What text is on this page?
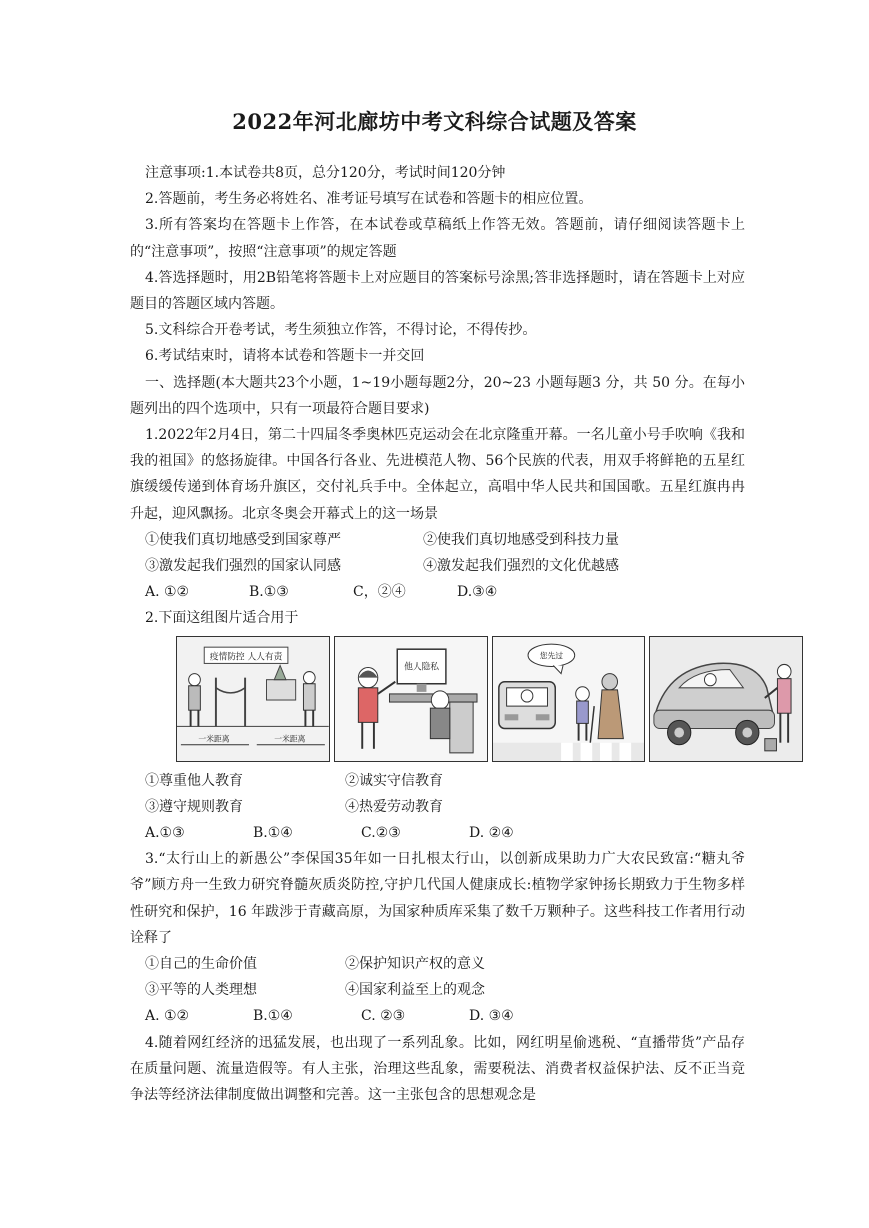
2022年河北廊坊中考文科综合试题及答案

注意事项:1.本试卷共8页，总分120分，考试时间120分钟

2.答题前，考生务必将姓名、准考证号填写在试卷和答题卡的相应位置。

3.所有答案均在答题卡上作答，在本试卷或草稿纸上作答无效。答题前，请仔细阅读答题卡上的“注意事项”，按照“注意事项”的规定答题

4.答选择题时，用2B铅笔将答题卡上对应题目的答案标号涂黑;答非选择题时，请在答题卡上对应题目的答题区域内答题。

5.文科综合开卷考试，考生须独立作答，不得讨论，不得传抄。

6.考试结束时，请将本试卷和答题卡一并交回

一、选择题(本大题共23个小题，1~19小题每题2分，20~23 小题每题3 分，共 50 分。在每小题列出的四个选项中，只有一项最符合题目要求)

1.2022年2月4日，第二十四届冬季奥林匹克运动会在北京隆重开幕。一名儿童小号手吹响《我和我的祖国》的悠扬旋律。中国各行各业、先进模范人物、56个民族的代表，用双手将鲜艳的五星红旗缓缓传递到体育场升旗区，交付礼兵手中。全体起立，高唱中华人民共和国国歌。五星红旗冉冉升起，迎风飘扬。北京冬奥会开幕式上的这一场景

①使我们真切地感受到国家尊严	②使我们真切地感受到科技力量
③激发起我们强烈的国家认同感	④激发起我们强烈的文化优越感
A. ①②	B.①③	C，②④	D.③④

2.下面这组图片适合用于

疫情防控 人人有责
一米距离	一米距离
他人隐私
您先过
①尊重他人教育	②诚实守信教育
③遵守规则教育	④热爱劳动教育
A.①③	B.①④	C.②③	D. ②④

3.“太行山上的新愚公”李保国35年如一日扎根太行山，以创新成果助力广大农民致富:“糖丸爷爷”顾方舟一生致力研究脊髓灰质炎防控,守护几代国人健康成长:植物学家钟扬长期致力于生物多样性研究和保护，16 年跋涉于青藏高原，为国家种质库采集了数千万颗种子。这些科技工作者用行动诠释了

①自己的生命价值	②保护知识产权的意义
③平等的人类理想	④国家利益至上的观念
A. ①②	B.①④	C. ②③	D. ③④

4.随着网红经济的迅猛发展，也出现了一系列乱象。比如，网红明星偷逃税、“直播带货”产品存在质量问题、流量造假等。有人主张，治理这些乱象，需要税法、消费者权益保护法、反不正当竞争法等经济法律制度做出调整和完善。这一主张包含的思想观念是
